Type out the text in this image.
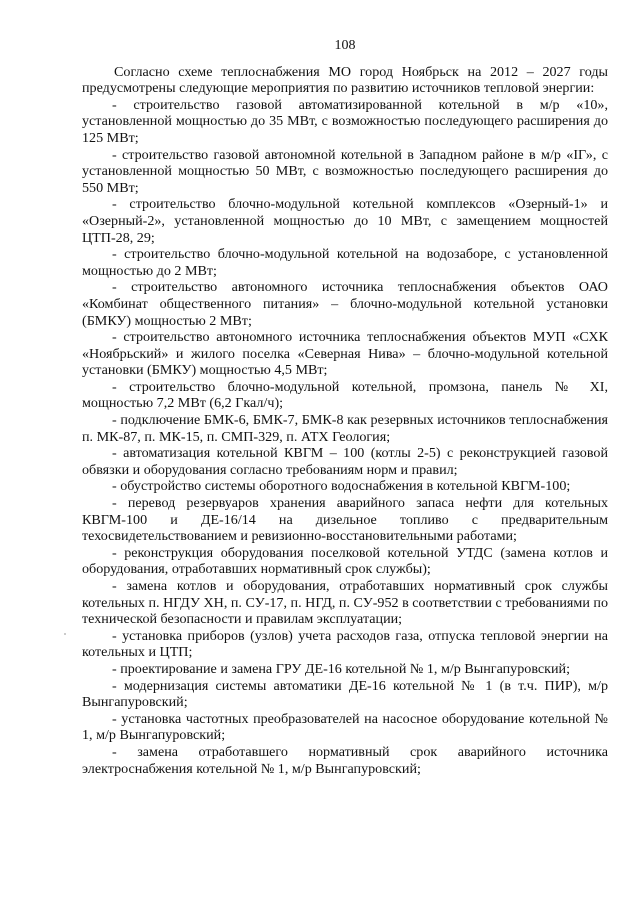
108

Согласно схеме теплоснабжения МО город Ноябрьск на 2012 – 2027 годы предусмотрены следующие мероприятия по развитию источников тепловой энергии:

- строительство газовой автоматизированной котельной в м/р «10», установленной мощностью до 35 МВт, с возможностью последующего расширения до 125 МВт;

- строительство газовой автономной котельной в Западном районе в м/р «IГ», с установленной мощностью 50 МВт, с возможностью последующего расширения до 550 МВт;

- строительство блочно-модульной котельной комплексов «Озерный-1» и «Озерный-2», установленной мощностью до 10 МВт, с замещением мощностей ЦТП-28, 29;

- строительство блочно-модульной котельной на водозаборе, с установленной мощностью до 2 МВт;

- строительство автономного источника теплоснабжения объектов ОАО «Комбинат общественного питания» – блочно-модульной котельной установки (БМКУ) мощностью 2 МВт;

- строительство автономного источника теплоснабжения объектов МУП «СХК «Ноябрьский» и жилого поселка «Северная Нива» – блочно-модульной котельной установки (БМКУ) мощностью 4,5 МВт;

- строительство блочно-модульной котельной, промзона, панель № XI, мощностью 7,2 МВт (6,2 Гкал/ч);

- подключение БМК-6, БМК-7, БМК-8 как резервных источников теплоснабжения п. МК-87, п. МК-15, п. СМП-329, п. АТХ Геология;

- автоматизация котельной КВГМ – 100 (котлы 2-5) с реконструкцией газовой обвязки и оборудования согласно требованиям норм и правил;

- обустройство системы оборотного водоснабжения в котельной КВГМ-100;

- перевод резервуаров хранения аварийного запаса нефти для котельных КВГМ-100 и ДЕ-16/14 на дизельное топливо с предварительным техосвидетельствованием и ревизионно-восстановительными работами;

- реконструкция оборудования поселковой котельной УТДС (замена котлов и оборудования, отработавших нормативный срок службы);

- замена котлов и оборудования, отработавших нормативный срок службы котельных п. НГДУ ХН, п. СУ-17, п. НГД, п. СУ-952 в соответствии с требованиями по технической безопасности и правилам эксплуатации;

- установка приборов (узлов) учета расходов газа, отпуска тепловой энергии на котельных и ЦТП;

- проектирование и замена ГРУ ДЕ-16 котельной № 1, м/р Вынгапуровский;

- модернизация системы автоматики ДЕ-16 котельной № 1 (в т.ч. ПИР), м/р Вынгапуровский;

- установка частотных преобразователей на насосное оборудование котельной № 1, м/р Вынгапуровский;

- замена отработавшего нормативный срок аварийного источника электроснабжения котельной № 1, м/р Вынгапуровский;
